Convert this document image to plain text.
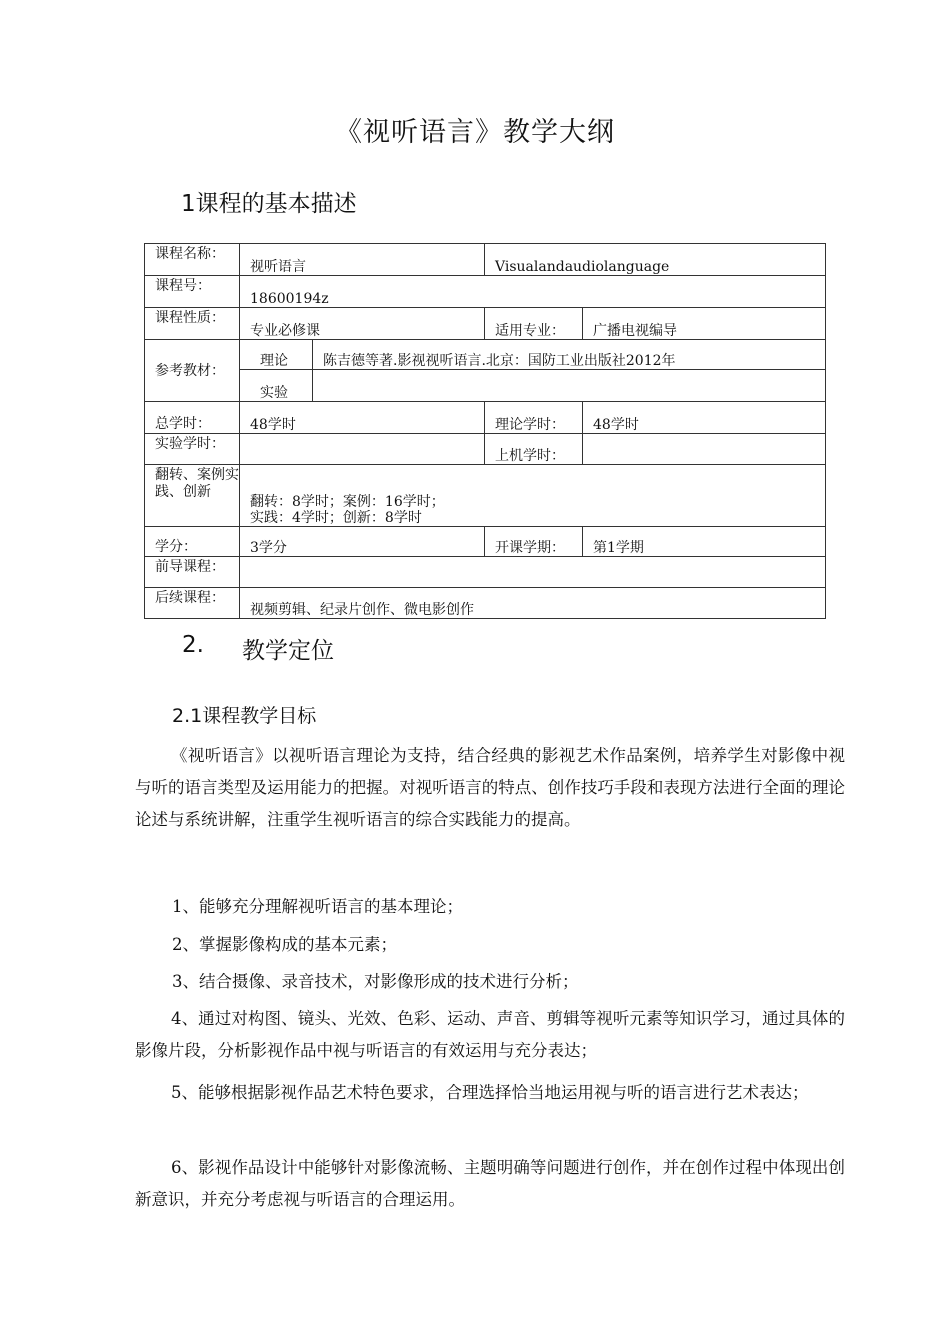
《视听语言》教学大纲
1课程的基本描述
课程名称：	视听语言		Visualandaudiolanguage	
课程号：	18600194z			
课程性质：	专业必修课		适用专业：	广播电视编导
参考教材：	理论	陈吉德等著.影视视听语言.北京：国防工业出版社2012年		
	实验			
总学时：	48学时		理论学时：	48学时
实验学时：			上机学时：	
翻转、案例实践、创新	翻转：8学时；案例：16学时；
实践：4学时；创新：8学时			

学分：	3学分		开课学期：	第1学期
前导课程：				
后续课程：	视频剪辑、纪录片创作、微电影创作			
2. 教学定位
2.1课程教学目标

《视听语言》以视听语言理论为支持，结合经典的影视艺术作品案例，培养学生对影像中视与听的语言类型及运用能力的把握。对视听语言的特点、创作技巧手段和表现方法进行全面的理论论述与系统讲解，注重学生视听语言的综合实践能力的提高。

1、能够充分理解视听语言的基本理论；

2、掌握影像构成的基本元素；

3、结合摄像、录音技术，对影像形成的技术进行分析；

4、通过对构图、镜头、光效、色彩、运动、声音、剪辑等视听元素等知识学习，通过具体的影像片段，分析影视作品中视与听语言的有效运用与充分表达；

5、能够根据影视作品艺术特色要求，合理选择恰当地运用视与听的语言进行艺术表达；

6、影视作品设计中能够针对影像流畅、主题明确等问题进行创作，并在创作过程中体现出创新意识，并充分考虑视与听语言的合理运用。
